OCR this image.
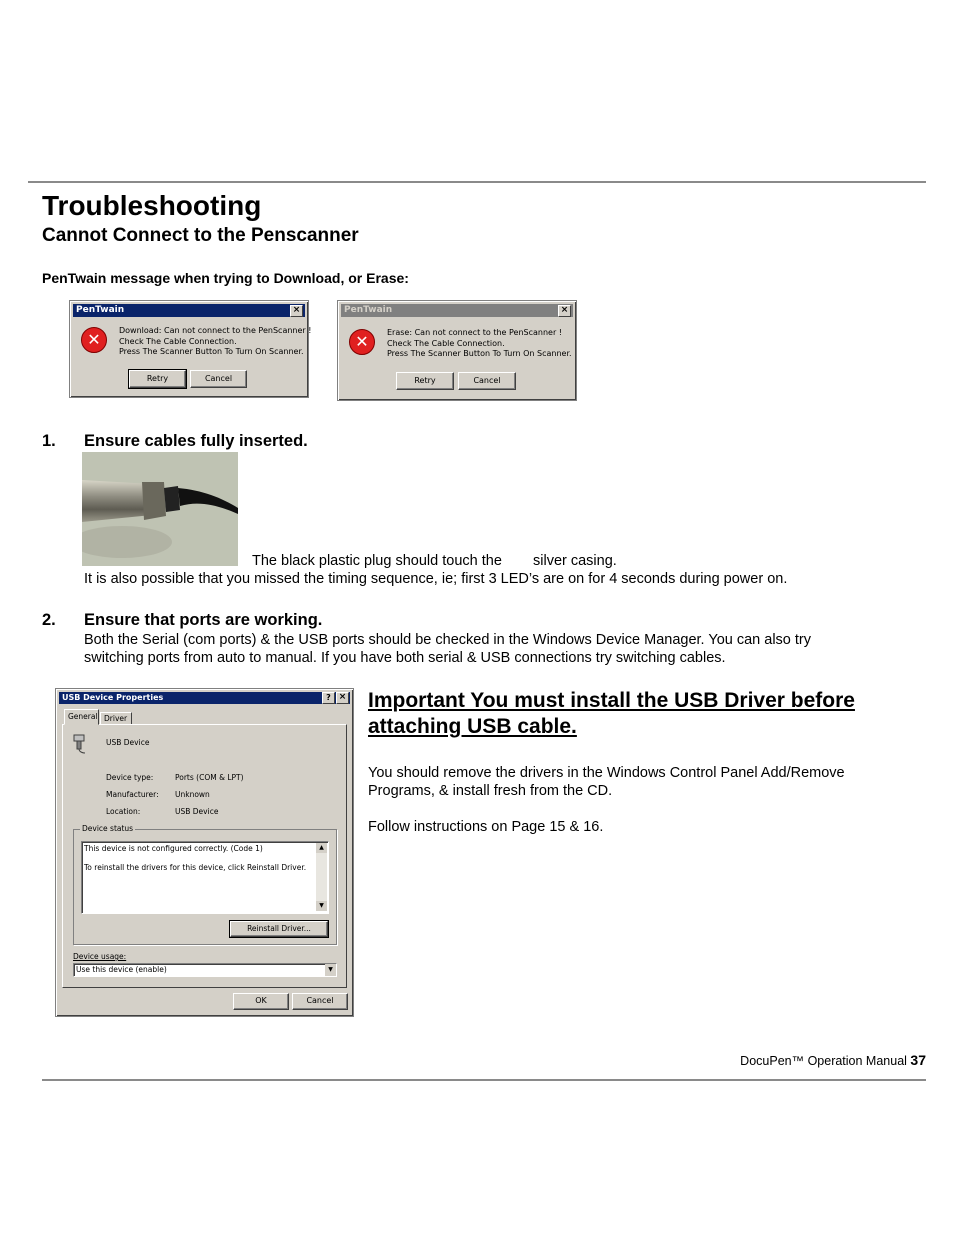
Troubleshooting
Cannot Connect to the Penscanner
PenTwain message when trying to Download, or Erase:
PenTwain	×
✕	Download: Can not connect to the PenScanner !
Check The Cable Connection.
Press The Scanner Button To Turn On Scanner.
Retry	Cancel
PenTwain	×
✕	Erase: Can not connect to the PenScanner !
Check The Cable Connection.
Press The Scanner Button To Turn On Scanner.
Retry	Cancel
1. Ensure cables fully inserted.
The black plastic plug should touch the silver casing.
It is also possible that you missed the timing sequence, ie; first 3 LED’s are on for 4 seconds during power on.
2. Ensure that ports are working.
Both the Serial (com ports) & the USB ports should be checked in the Windows Device Manager. You can also try
switching ports from auto to manual. If you have both serial & USB connections try switching cables.
USB Device Properties	? ×
General Driver
USB Device
Device type:	Ports (COM & LPT)
Manufacturer: Unknown
Location:	USB Device
Device status
This device is not configured correctly. (Code 1)
To reinstall the drivers for this device, click Reinstall Driver.
▲
▼
Reinstall Driver...
Device usage:
Use this device (enable)	▼
OK	Cancel
Important You must install the USB Driver before
attaching USB cable.
You should remove the drivers in the Windows Control Panel Add/Remove
Programs, & install fresh from the CD.
Follow instructions on Page 15 & 16.
DocuPen™ Operation Manual 37
